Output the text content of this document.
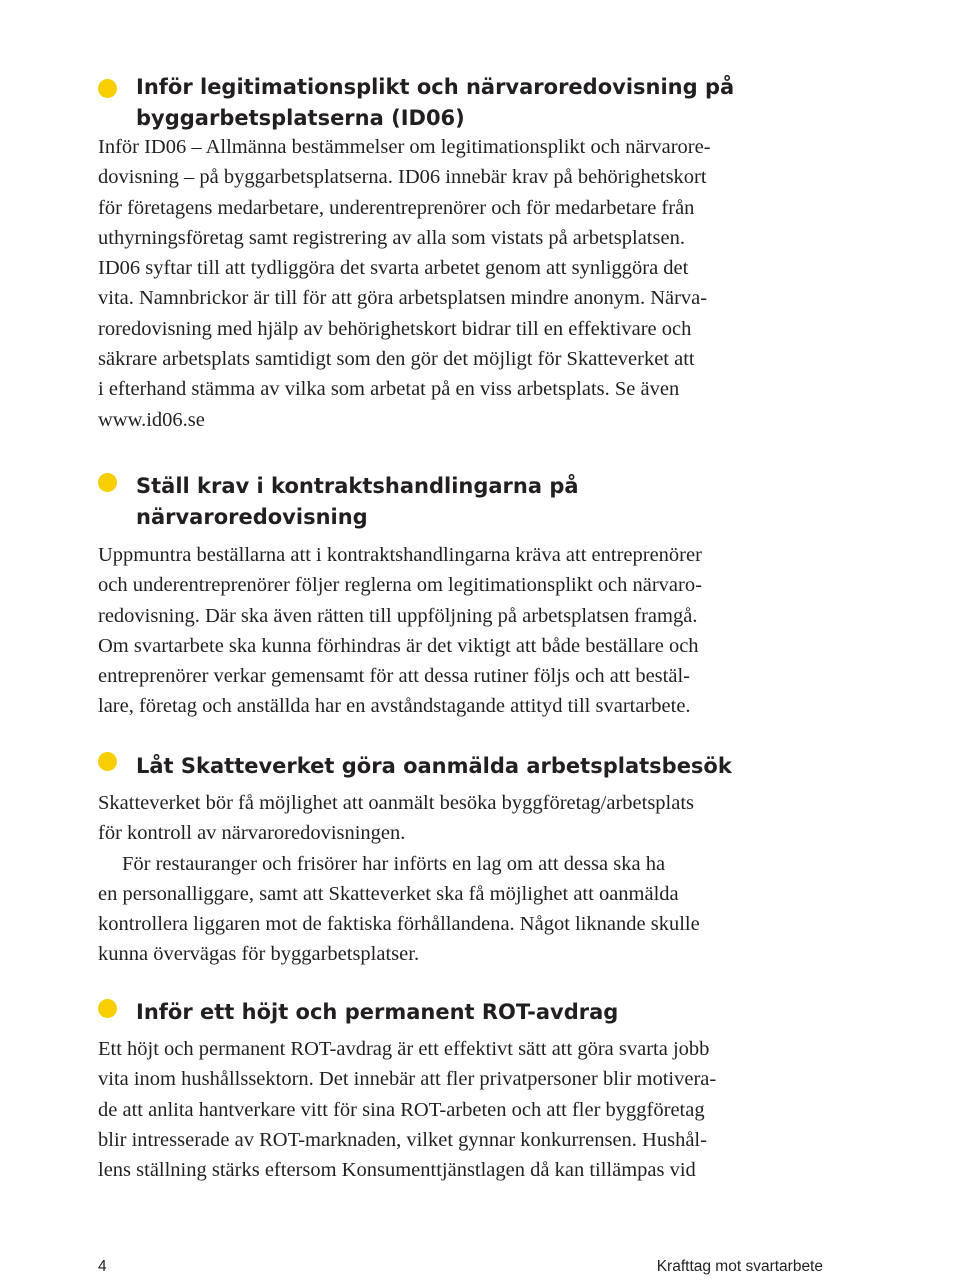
Inför legitimationsplikt och närvaroredovisning på
byggarbetsplatserna (ID06)
Inför ID06 – Allmänna bestämmelser om legitimationsplikt och närvarore-
dovisning – på byggarbetsplatserna. ID06 innebär krav på behörighetskort
för företagens medarbetare, underentreprenörer och för medarbetare från
uthyrningsföretag samt registrering av alla som vistats på arbetsplatsen.
ID06 syftar till att tydliggöra det svarta arbetet genom att synliggöra det
vita. Namnbrickor är till för att göra arbetsplatsen mindre anonym. Närva-
roredovisning med hjälp av behörighetskort bidrar till en effektivare och
säkrare arbetsplats samtidigt som den gör det möjligt för Skatteverket att
i efterhand stämma av vilka som arbetat på en viss arbetsplats. Se även
www.id06.se
Ställ krav i kontraktshandlingarna på
närvaroredovisning
Uppmuntra beställarna att i kontraktshandlingarna kräva att entreprenörer
och underentreprenörer följer reglerna om legitimationsplikt och närvaro-
redovisning. Där ska även rätten till uppföljning på arbetsplatsen framgå.
Om svartarbete ska kunna förhindras är det viktigt att både beställare och
entreprenörer verkar gemensamt för att dessa rutiner följs och att bestäl-
lare, företag och anställda har en avståndstagande attityd till svartarbete.
Låt Skatteverket göra oanmälda arbetsplatsbesök
Skatteverket bör få möjlighet att oanmält besöka byggföretag/arbetsplats
för kontroll av närvaroredovisningen.
För restauranger och frisörer har införts en lag om att dessa ska ha
en personalliggare, samt att Skatteverket ska få möjlighet att oanmälda
kontrollera liggaren mot de faktiska förhållandena. Något liknande skulle
kunna övervägas för byggarbetsplatser.
Inför ett höjt och permanent ROT-avdrag
Ett höjt och permanent ROT-avdrag är ett effektivt sätt att göra svarta jobb
vita inom hushållssektorn. Det innebär att fler privatpersoner blir motivera-
de att anlita hantverkare vitt för sina ROT-arbeten och att fler byggföretag
blir intresserade av ROT-marknaden, vilket gynnar konkurrensen. Hushål-
lens ställning stärks eftersom Konsumenttjänstlagen då kan tillämpas vid
4	Krafttag mot svartarbete
